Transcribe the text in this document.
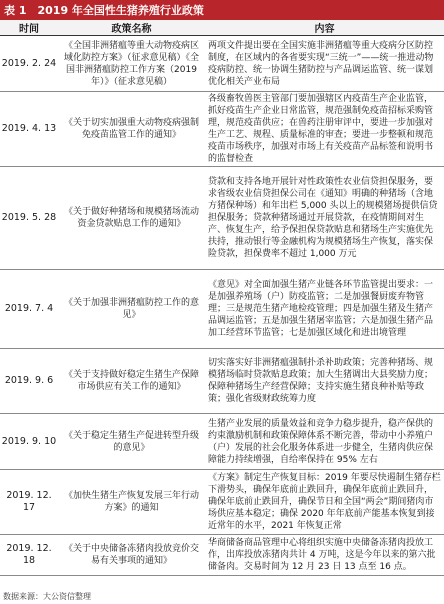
表 1　2019 年全国性生猪养殖行业政策
时间	政策名称	内容
2019. 2. 24	《全国非洲猪瘟等重大动物疫病区域化防控方案》（征求意见稿）《全国非洲猪瘟防控工作方案（2019 年）》（征求意见稿）	两项文件提出要在全国实施非洲猪瘟等重大疫病分区防控制度，在区域内的各省要实现“三统一”——统一推进动物疫病防控、统一协调生猪防控与产品调运监管、统一谋划优化相关产业布局
2019. 4. 13	《关于切实加强重大动物疫病强制免疫苗监管工作的通知》	各级畜牧兽医主管部门要加强辖区内疫苗生产企业监管，抓好疫苗生产企业日常监管，规范强制免疫苗招标采购管理，规范疫苗供应；在兽药注册审评中，要进一步加强对生产工艺、规程、质量标准的审查；要进一步整顿和规范疫苗市场秩序，加强对市场上有关疫苗产品标签和说明书的监督检查
2019. 5. 28	《关于做好种猪场和规模猪场流动资金贷款贴息工作的通知》	贷款和支持各地开展针对性政策性农业信贷担保服务，要求省级农业信贷担保公司在《通知》明确的种猪场（含地方猪保种场）和年出栏 5,000 头以上的规模猪场提供信贷担保服务；贷款种猪场通过开展贷款，在疫情期间对生产、恢复生产，给予保担保贷款贴息和猪场生产实施优先扶持，推动银行等金融机构为规模猪场生产恢复，落实保险贷款，担保费率不超过 1,000 万元
2019. 7. 4	《关于加强非洲猪瘟防控工作的意见》	《意见》对全面加强生猪产业链各环节监管提出要求：一是加强养殖场（户）防疫监管；二是加强餐厨废弃物管理；三是规范生猪产地检疫管理；四是加强生猪及生猪产品调运监管；五是加强生猪屠宰监管；六是加强生猪产品加工经营环节监管；七是加强区域化和进出境管理
2019. 9. 6	《关于支持做好稳定生猪生产保障市场供应有关工作的通知》	切实落实好非洲猪瘟强制扑杀补助政策；完善种猪场、规模猪场临时贷款贴息政策；加大生猪调出大县奖励力度；保障种猪场生产经营保障；支持实施生猪良种补贴等政策；强化省级财政统筹力度
2019. 9. 10	《关于稳定生猪生产促进转型升级的意见》	生猪产业发展的质量效益和竞争力稳步提升，稳产保供的约束激励机制和政策保障体系不断完善，带动中小养殖户（户）发展的社会化服务体系进一步健全，生猪肉供应保障能力持续增强，自给率保持在 95% 左右
2019. 12. 17	《加快生猪生产恢复发展三年行动方案》的通知	《方案》制定生产恢复目标：2019 年要尽快遏制生猪存栏下滑势头，确保年底前止跌回升，确保年底前止跌回升，确保年底前止跌回升，确保节日和全国“两会”期间猪肉市场供应基本稳定；确保 2020 年年底前产能基本恢复到接近常年的水平，2021 年恢复正常
2019. 12. 18	《关于中央储备冻猪肉投放竞价交易有关事项的通知》	华商储备商品管理中心将组织实施中央储备冻猪肉投放工作，出库投放冻猪肉共计 4 万吨，这是今年以来的第六批储备肉。交易时间为 12 月 23 日 13 点至 16 点。
数据来源：大公资信整理
